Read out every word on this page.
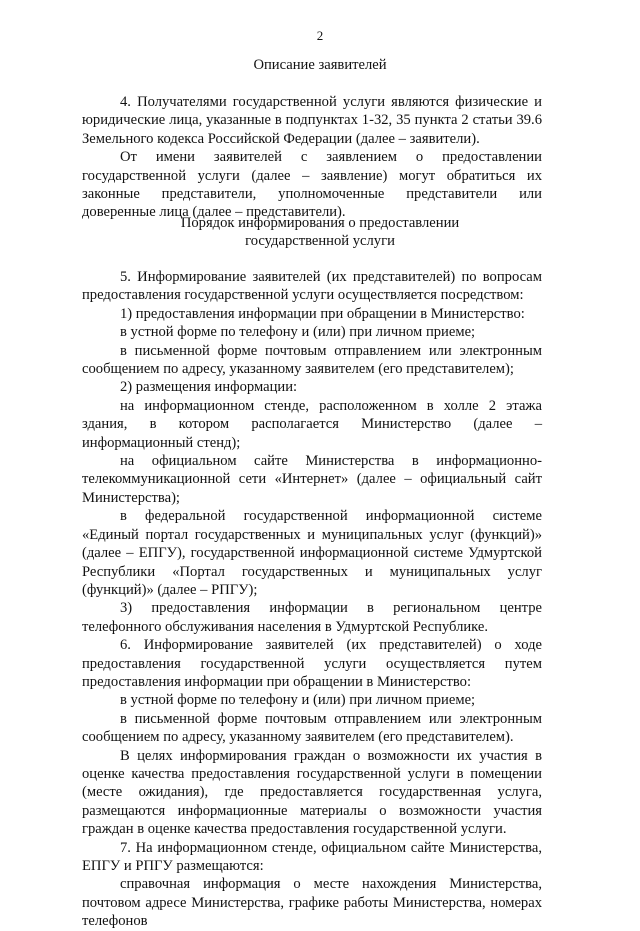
2
Описание заявителей

4. Получателями государственной услуги являются физические и юридические лица, указанные в подпунктах 1-32, 35 пункта 2 статьи 39.6 Земельного кодекса Российской Федерации (далее – заявители).

От имени заявителей с заявлением о предоставлении государственной услуги (далее – заявление) могут обратиться их законные представители, уполномоченные представители или доверенные лица (далее – представители).

Порядок информирования о предоставлении
государственной услуги

5. Информирование заявителей (их представителей) по вопросам предоставления государственной услуги осуществляется посредством:

1) предоставления информации при обращении в Министерство:

в устной форме по телефону и (или) при личном приеме;

в письменной форме почтовым отправлением или электронным сообщением по адресу, указанному заявителем (его представителем);

2) размещения информации:

на информационном стенде, расположенном в холле 2 этажа здания, в котором располагается Министерство (далее – информационный стенд);

на официальном сайте Министерства в информационно-телекоммуникационной сети «Интернет» (далее – официальный сайт Министерства);

в федеральной государственной информационной системе «Единый портал государственных и муниципальных услуг (функций)» (далее – ЕПГУ), государственной информационной системе Удмуртской Республики «Портал государственных и муниципальных услуг (функций)» (далее – РПГУ);

3) предоставления информации в региональном центре телефонного обслуживания населения в Удмуртской Республике.

6. Информирование заявителей (их представителей) о ходе предоставления государственной услуги осуществляется путем предоставления информации при обращении в Министерство:

в устной форме по телефону и (или) при личном приеме;

в письменной форме почтовым отправлением или электронным сообщением по адресу, указанному заявителем (его представителем).

В целях информирования граждан о возможности их участия в оценке качества предоставления государственной услуги в помещении (месте ожидания), где предоставляется государственная услуга, размещаются информационные материалы о возможности участия граждан в оценке качества предоставления государственной услуги.

7. На информационном стенде, официальном сайте Министерства, ЕПГУ и РПГУ размещаются:

справочная информация о месте нахождения Министерства, почтовом адресе Министерства, графике работы Министерства, номерах телефонов
